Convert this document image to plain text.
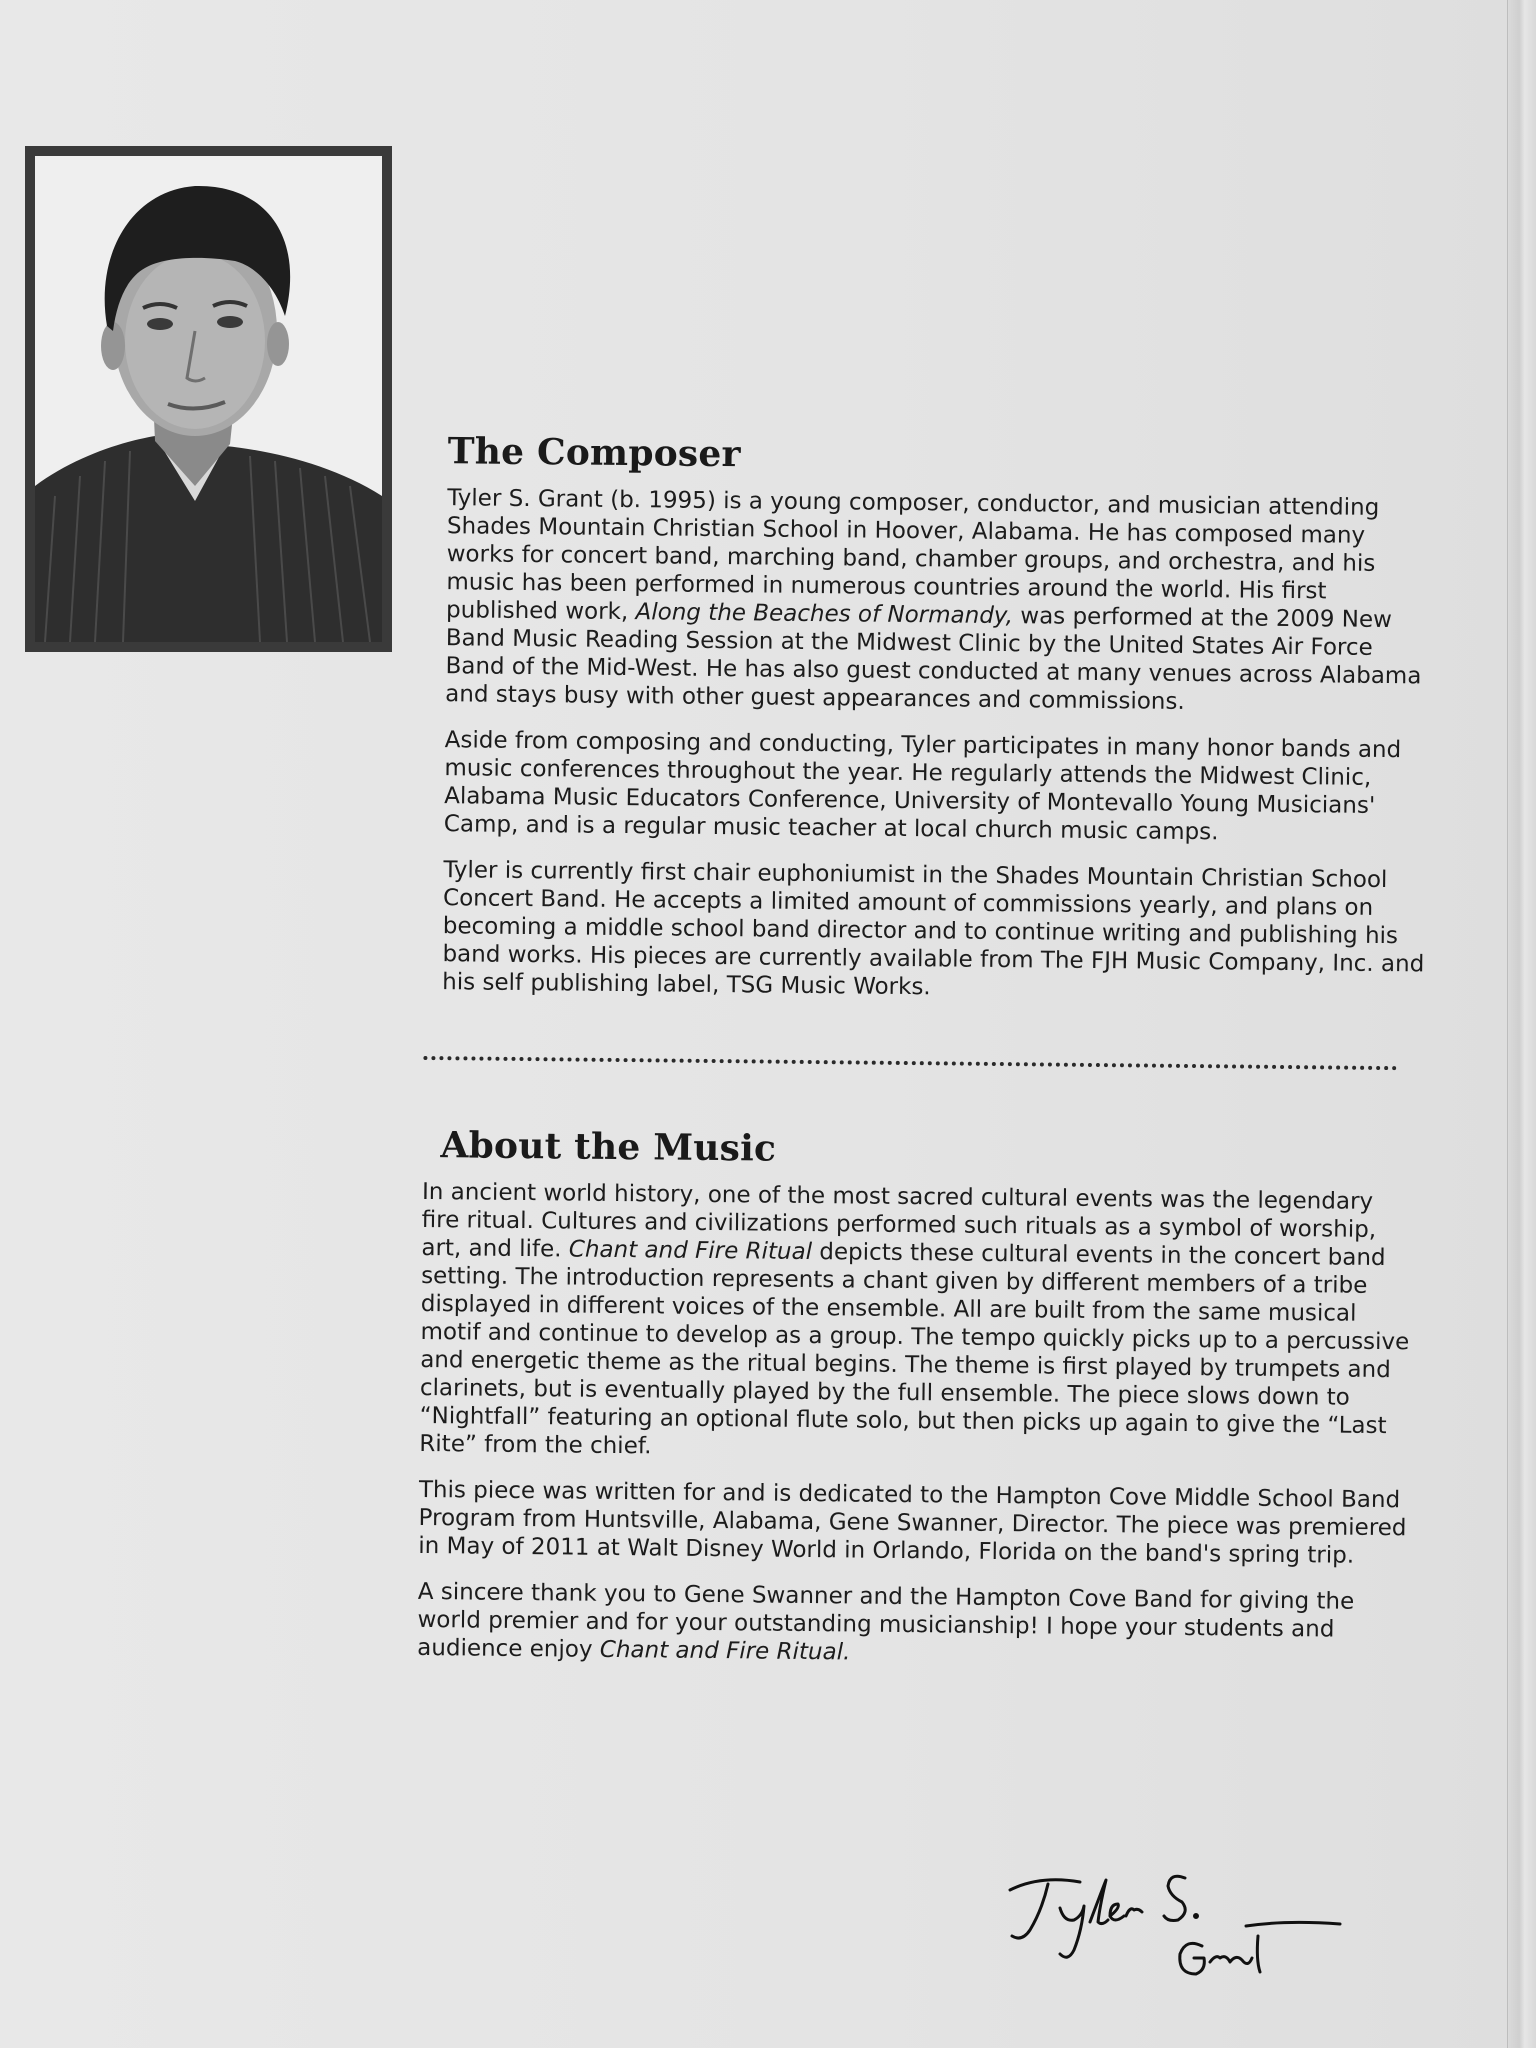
The Composer

Tyler S. Grant (b. 1995) is a young composer, conductor, and musician attending Shades Mountain Christian School in Hoover, Alabama. He has composed many works for concert band, marching band, chamber groups, and orchestra, and his music has been performed in numerous countries around the world. His first published work, Along the Beaches of Normandy, was performed at the 2009 New Band Music Reading Session at the Midwest Clinic by the United States Air Force Band of the Mid-West. He has also guest conducted at many venues across Alabama and stays busy with other guest appearances and commissions.

Aside from composing and conducting, Tyler participates in many honor bands and music conferences throughout the year. He regularly attends the Midwest Clinic, Alabama Music Educators Conference, University of Montevallo Young Musicians' Camp, and is a regular music teacher at local church music camps.

Tyler is currently first chair euphoniumist in the Shades Mountain Christian School Concert Band. He accepts a limited amount of commissions yearly, and plans on becoming a middle school band director and to continue writing and publishing his band works. His pieces are currently available from The FJH Music Company, Inc. and his self publishing label, TSG Music Works.

About the Music

In ancient world history, one of the most sacred cultural events was the legendary fire ritual. Cultures and civilizations performed such rituals as a symbol of worship, art, and life. Chant and Fire Ritual depicts these cultural events in the concert band setting. The introduction represents a chant given by different members of a tribe displayed in different voices of the ensemble. All are built from the same musical motif and continue to develop as a group. The tempo quickly picks up to a percussive and energetic theme as the ritual begins. The theme is first played by trumpets and clarinets, but is eventually played by the full ensemble. The piece slows down to “Nightfall” featuring an optional flute solo, but then picks up again to give the “Last Rite” from the chief.

This piece was written for and is dedicated to the Hampton Cove Middle School Band Program from Huntsville, Alabama, Gene Swanner, Director. The piece was premiered in May of 2011 at Walt Disney World in Orlando, Florida on the band's spring trip.

A sincere thank you to Gene Swanner and the Hampton Cove Band for giving the world premier and for your outstanding musicianship! I hope your students and audience enjoy Chant and Fire Ritual.
